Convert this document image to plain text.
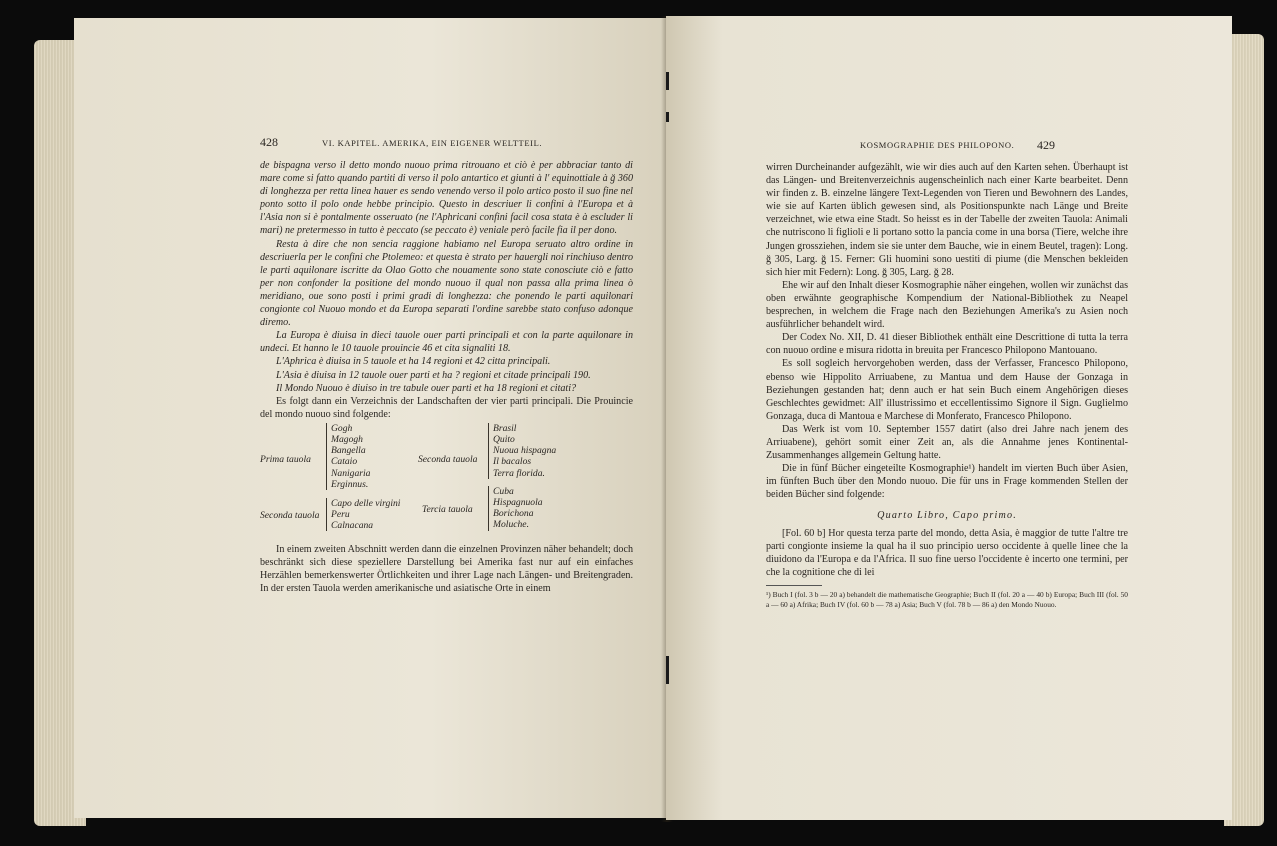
428	VI. KAPITEL. AMERIKA, EIN EIGENER WELTTEIL.

de bispagna verso il detto mondo nuouo prima ritrouano et ciò è per abbraciar tanto di mare come si fatto quando partiti di verso il polo antartico et giunti à l' equinottiale à ğ 360 di longhezza per retta linea hauer es sendo venendo verso il polo artico posto il suo fine nel ponto sotto il polo onde hebbe principio. Questo in descriuer li confini à l'Europa et à l'Asia non si è pontalmente osseruato (ne l'Aphricani confini facil cosa stata è à escluder li mari) ne pretermesso in tutto è peccato (se peccato è) veniale però facile fia il per dono.

Resta à dire che non sencia raggione habiamo nel Europa seruato altro ordine in descriuerla per le confini che Ptolemeo: et questa è strato per hauergli noi rinchiuso dentro le parti aquilonare iscritte da Olao Gotto che nouamente sono state conosciute ciò e fatto per non confonder la positione del mondo nuouo il qual non passa alla prima linea ò meridiano, oue sono posti i primi gradi di longhezza: che ponendo le parti aquilonari congionte col Nuouo mondo et da Europa separati l'ordine sarebbe stato confuso adonque diremo.

La Europa è diuisa in dieci tauole ouer parti principali et con la parte aquilonare in undeci. Et hanno le 10 tauole prouincie 46 et cita signaliti 18.

L'Aphrica è diuisa in 5 tauole et ha 14 regioni et 42 citta principali.

L'Asia è diuisa in 12 tauole ouer parti et ha ? regioni et citade principali 190.

Il Mondo Nuouo è diuiso in tre tabule ouer parti et ha 18 regioni et citati?

Es folgt dann ein Verzeichnis der Landschaften der vier parti principali. Die Prouincie del mondo nuouo sind folgende:

Prima tauola
Gogh
Magogh
Bangella
Cataio
Nanigaria
Erginnus.
Seconda tauola
Capo delle virgini
Peru
Calnacana
Seconda tauola
Brasil
Quito
Nuoua hispagna
Il bacalos
Terra florida.
Tercia tauola
Cuba
Hispagnuola
Borichona
Moluche.

In einem zweiten Abschnitt werden dann die einzelnen Provinzen näher behandelt; doch beschränkt sich diese speziellere Darstellung bei Amerika fast nur auf ein einfaches Herzählen bemerkenswerter Örtlichkeiten und ihrer Lage nach Längen- und Breitengraden. In der ersten Tauola werden amerikanische und asiatische Orte in einem

KOSMOGRAPHIE DES PHILOPONO. 429

wirren Durcheinander aufgezählt, wie wir dies auch auf den Karten sehen. Überhaupt ist das Längen- und Breitenverzeichnis augenscheinlich nach einer Karte bearbeitet. Denn wir finden z. B. einzelne längere Text-Legenden von Tieren und Bewohnern des Landes, wie sie auf Karten üblich gewesen sind, als Positionspunkte nach Länge und Breite verzeichnet, wie etwa eine Stadt. So heisst es in der Tabelle der zweiten Tauola: Animali che nutriscono li figlioli e li portano sotto la pancia come in una borsa (Tiere, welche ihre Jungen grossziehen, indem sie sie unter dem Bauche, wie in einem Beutel, tragen): Long. ğ 305, Larg. ğ 15. Ferner: Gli huomini sono uestiti di piume (die Menschen bekleiden sich hier mit Federn): Long. ğ 305, Larg. ğ 28.

Ehe wir auf den Inhalt dieser Kosmographie näher eingehen, wollen wir zunächst das oben erwähnte geographische Kompendium der National-Bibliothek zu Neapel besprechen, in welchem die Frage nach den Beziehungen Amerika's zu Asien noch ausführlicher behandelt wird.

Der Codex No. XII, D. 41 dieser Bibliothek enthält eine Descrittione di tutta la terra con nuouo ordine e misura ridotta in breuita per Francesco Philopono Mantouano.

Es soll sogleich hervorgehoben werden, dass der Verfasser, Francesco Philopono, ebenso wie Hippolito Arriuabene, zu Mantua und dem Hause der Gonzaga in Beziehungen gestanden hat; denn auch er hat sein Buch einem Angehörigen dieses Geschlechtes gewidmet: All' illustrissimo et eccellentissimo Signore il Sign. Guglielmo Gonzaga, duca di Mantoua e Marchese di Monferato, Francesco Philopono.

Das Werk ist vom 10. September 1557 datirt (also drei Jahre nach jenem des Arriuabene), gehört somit einer Zeit an, als die Annahme jenes Kontinental-Zusammenhanges allgemein Geltung hatte.

Die in fünf Bücher eingeteilte Kosmographie¹) handelt im vierten Buch über Asien, im fünften Buch über den Mondo nuouo. Die für uns in Frage kommenden Stellen der beiden Bücher sind folgende:

Quarto Libro, Capo primo.

[Fol. 60 b] Hor questa terza parte del mondo, detta Asia, è maggior de tutte l'altre tre parti congionte insieme la qual ha il suo principio uerso occidente à quelle linee che la diuidono da l'Europa e da l'Africa. Il suo fine uerso l'occidente è incerto one termini, per che la cognitione che di lei

¹) Buch I (fol. 3 b — 20 a) behandelt die mathematische Geographie; Buch II (fol. 20 a — 40 b) Europa; Buch III (fol. 50 a — 60 a) Afrika; Buch IV (fol. 60 b — 78 a) Asia; Buch V (fol. 78 b — 86 a) den Mondo Nuouo.
